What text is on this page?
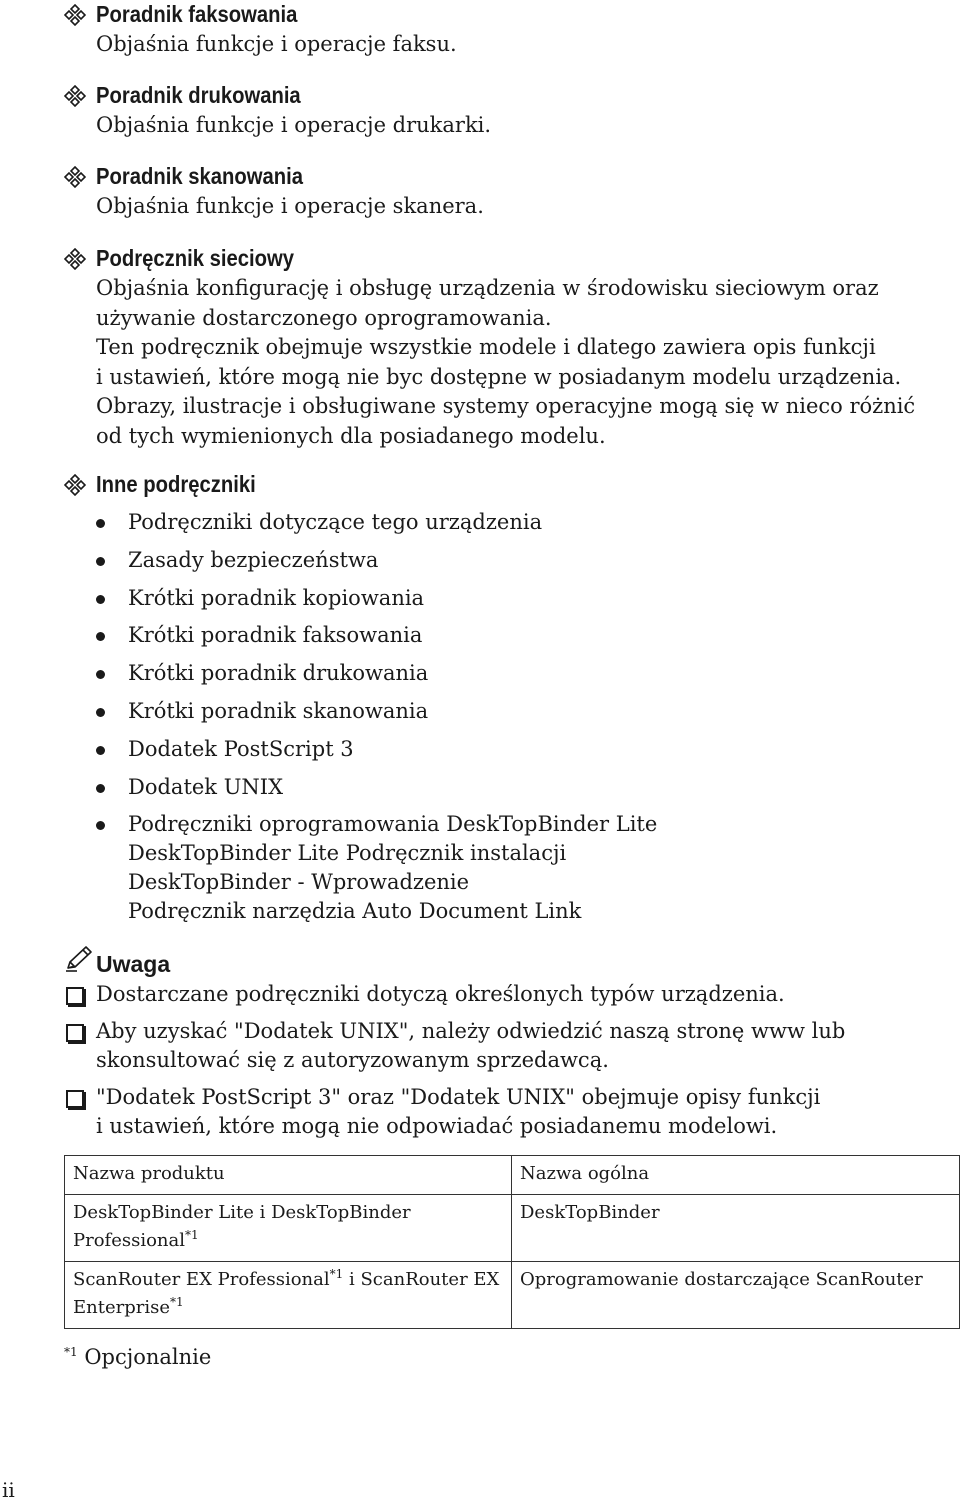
Poradnik faksowania
Objaśnia funkcje i operacje faksu.
Poradnik drukowania
Objaśnia funkcje i operacje drukarki.
Poradnik skanowania
Objaśnia funkcje i operacje skanera.
Podręcznik sieciowy
Objaśnia konfigurację i obsługę urządzenia w środowisku sieciowym oraz
używanie dostarczonego oprogramowania.
Ten podręcznik obejmuje wszystkie modele i dlatego zawiera opis funkcji
i ustawień, które mogą nie byc dostępne w posiadanym modelu urządzenia.
Obrazy, ilustracje i obsługiwane systemy operacyjne mogą się w nieco różnić
od tych wymienionych dla posiadanego modelu.
Inne podręczniki
Podręczniki dotyczące tego urządzenia
Zasady bezpieczeństwa
Krótki poradnik kopiowania
Krótki poradnik faksowania
Krótki poradnik drukowania
Krótki poradnik skanowania
Dodatek PostScript 3
Dodatek UNIX
Podręczniki oprogramowania DeskTopBinder Lite
DeskTopBinder Lite Podręcznik instalacji
DeskTopBinder - Wprowadzenie
Podręcznik narzędzia Auto Document Link
Uwaga
Dostarczane podręczniki dotyczą określonych typów urządzenia.
Aby uzyskać "Dodatek UNIX", należy odwiedzić naszą stronę www lub
skonsultować się z autoryzowanym sprzedawcą.
"Dodatek PostScript 3" oraz "Dodatek UNIX" obejmuje opisy funkcji
i ustawień, które mogą nie odpowiadać posiadanemu modelowi.
Nazwa produktu	Nazwa ogólna

DeskTopBinder Lite i DeskTopBinder
Professional$^{*1}$	DeskTopBinder

ScanRouter EX Professional$^{*1}$ i ScanRouter EX
Enterprise$^{*1}$	Oprogramowanie dostarczające ScanRouter
$^{*1}$ Opcjonalnie
ii
